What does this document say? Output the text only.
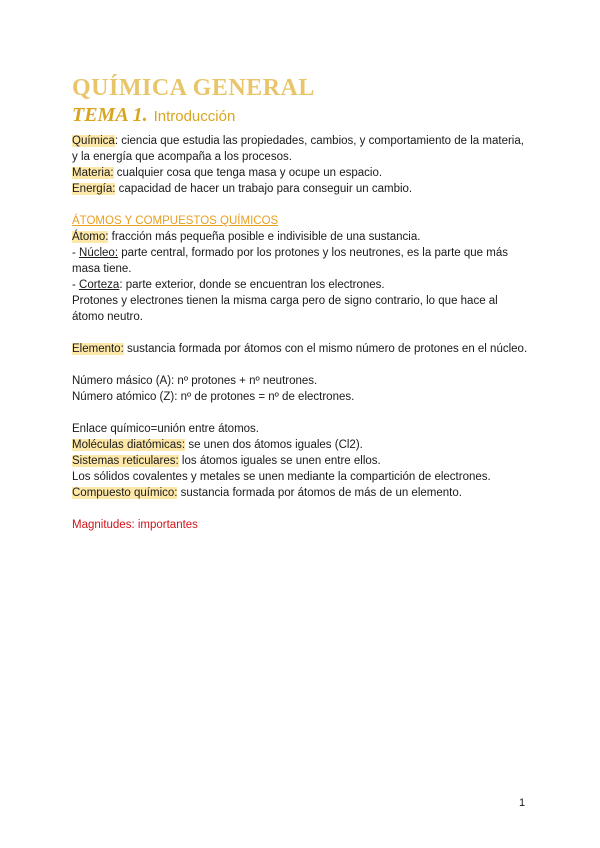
QUÍMICA GENERAL
TEMA 1. Introducción

Química: ciencia que estudia las propiedades, cambios, y comportamiento de la materia, y la energía que acompaña a los procesos.

Materia: cualquier cosa que tenga masa y ocupe un espacio.

Energía: capacidad de hacer un trabajo para conseguir un cambio.

ÁTOMOS Y COMPUESTOS QUÍMICOS

Átomo: fracción más pequeña posible e indivisible de una sustancia.

- Núcleo: parte central, formado por los protones y los neutrones, es la parte que más masa tiene.

- Corteza: parte exterior, donde se encuentran los electrones.

Protones y electrones tienen la misma carga pero de signo contrario, lo que hace al átomo neutro.

Elemento: sustancia formada por átomos con el mismo número de protones en el núcleo.

Número másico (A): nº protones + nº neutrones.

Número atómico (Z): nº de protones = nº de electrones.

Enlace químico=unión entre átomos.

Moléculas diatómicas: se unen dos átomos iguales (Cl2).

Sistemas reticulares: los átomos iguales se unen entre ellos.

Los sólidos covalentes y metales se unen mediante la compartición de electrones.

Compuesto químico: sustancia formada por átomos de más de un elemento.

Magnitudes: importantes

1
